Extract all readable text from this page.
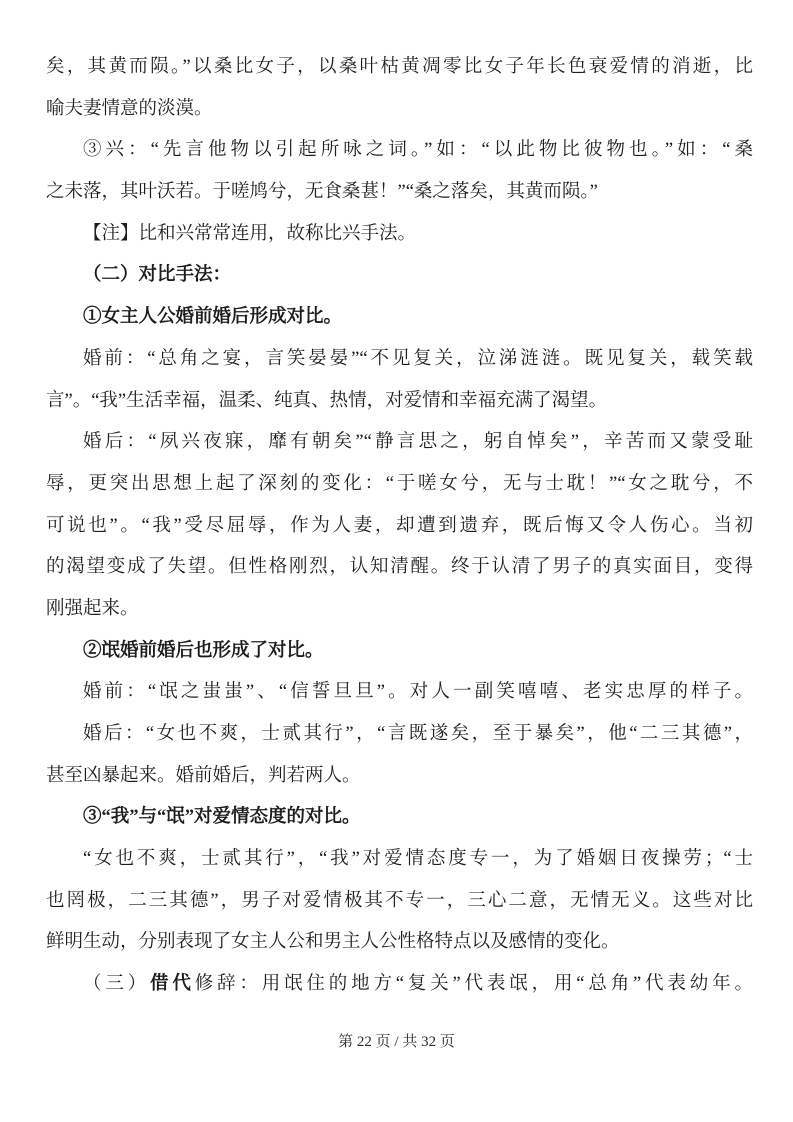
矣，其黄而陨。”以桑比女子，以桑叶枯黄凋零比女子年长色衰爱情的消逝，比
喻夫妻情意的淡漠。
③兴：“先言他物以引起所咏之词。”如：“以此物比彼物也。”如：“桑
之未落，其叶沃若。于嗟鸠兮，无食桑葚！”“桑之落矣，其黄而陨。”
【注】比和兴常常连用，故称比兴手法。
（二）对比手法：
①女主人公婚前婚后形成对比。
婚前：“总角之宴，言笑晏晏”“不见复关，泣涕涟涟。既见复关，载笑载
言”。“我”生活幸福，温柔、纯真、热情，对爱情和幸福充满了渴望。
婚后：“夙兴夜寐，靡有朝矣”“静言思之，躬自悼矣”，辛苦而又蒙受耻
辱，更突出思想上起了深刻的变化：“于嗟女兮，无与士耽！”“女之耽兮，不
可说也”。“我”受尽屈辱，作为人妻，却遭到遗弃，既后悔又令人伤心。当初
的渴望变成了失望。但性格刚烈，认知清醒。终于认清了男子的真实面目，变得
刚强起来。
②氓婚前婚后也形成了对比。
婚前：“氓之蚩蚩”、“信誓旦旦”。对人一副笑嘻嘻、老实忠厚的样子。
婚后：“女也不爽，士贰其行”，“言既遂矣，至于暴矣”，他“二三其德”，
甚至凶暴起来。婚前婚后，判若两人。
③“我”与“氓”对爱情态度的对比。
“女也不爽，士贰其行”，“我”对爱情态度专一，为了婚姻日夜操劳；“士
也罔极，二三其德”，男子对爱情极其不专一，三心二意，无情无义。这些对比
鲜明生动，分别表现了女主人公和男主人公性格特点以及感情的变化。
（三）借代修辞：用氓住的地方“复关”代表氓，用“总角”代表幼年。
第 22 页 / 共 32 页
